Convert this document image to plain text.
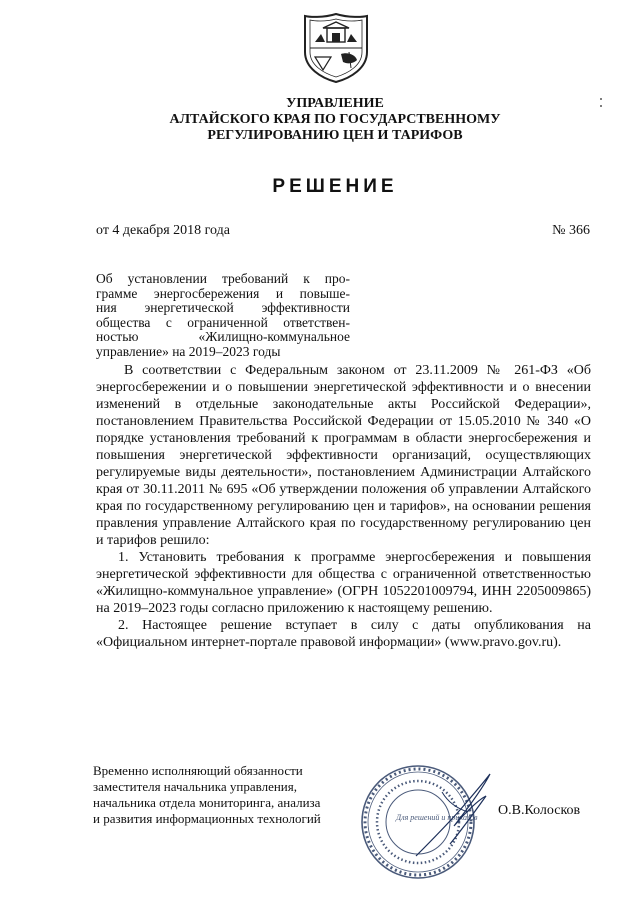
УПРАВЛЕНИЕ
АЛТАЙСКОГО КРАЯ ПО ГОСУДАРСТВЕННОМУ
РЕГУЛИРОВАНИЮ ЦЕН И ТАРИФОВ
РЕШЕНИЕ
от 4 декабря 2018 года	№ 366
Об установлении требований к про-
грамме энергосбережения и повыше-
ния энергетической эффективности
общества с ограниченной ответствен-
ностью «Жилищно-коммунальное
управление» на 2019–2023 годы

В соответствии с Федеральным законом от 23.11.2009 № 261-ФЗ «Об энергосбережении и о повышении энергетической эффективности и о внесении изменений в отдельные законодательные акты Российской Федерации», постановлением Правительства Российской Федерации от 15.05.2010 № 340 «О порядке установления требований к программам в области энергосбережения и повышения энергетической эффективности организаций, осуществляющих регулируемые виды деятельности», постановлением Администрации Алтайского края от 30.11.2011 № 695 «Об утверждении положения об управлении Алтайского края по государственному регулированию цен и тарифов», на основании решения правления управление Алтайского края по государственному регулированию цен и тарифов решило:

1. Установить требования к программе энергосбережения и повышения энергетической эффективности для общества с ограниченной ответственностью «Жилищно-коммунальное управление» (ОГРН 1052201009794, ИНН 2205009865) на 2019–2023 годы согласно приложению к настоящему решению.

2. Настоящее решение вступает в силу с даты опубликования на «Официальном интернет-портале правовой информации» (www.pravo.gov.ru).

Временно исполняющий обязанности
заместителя начальника управления,
начальника отдела мониторинга, анализа
и развития информационных технологий	Для решений и приказов О.В.Колосков
